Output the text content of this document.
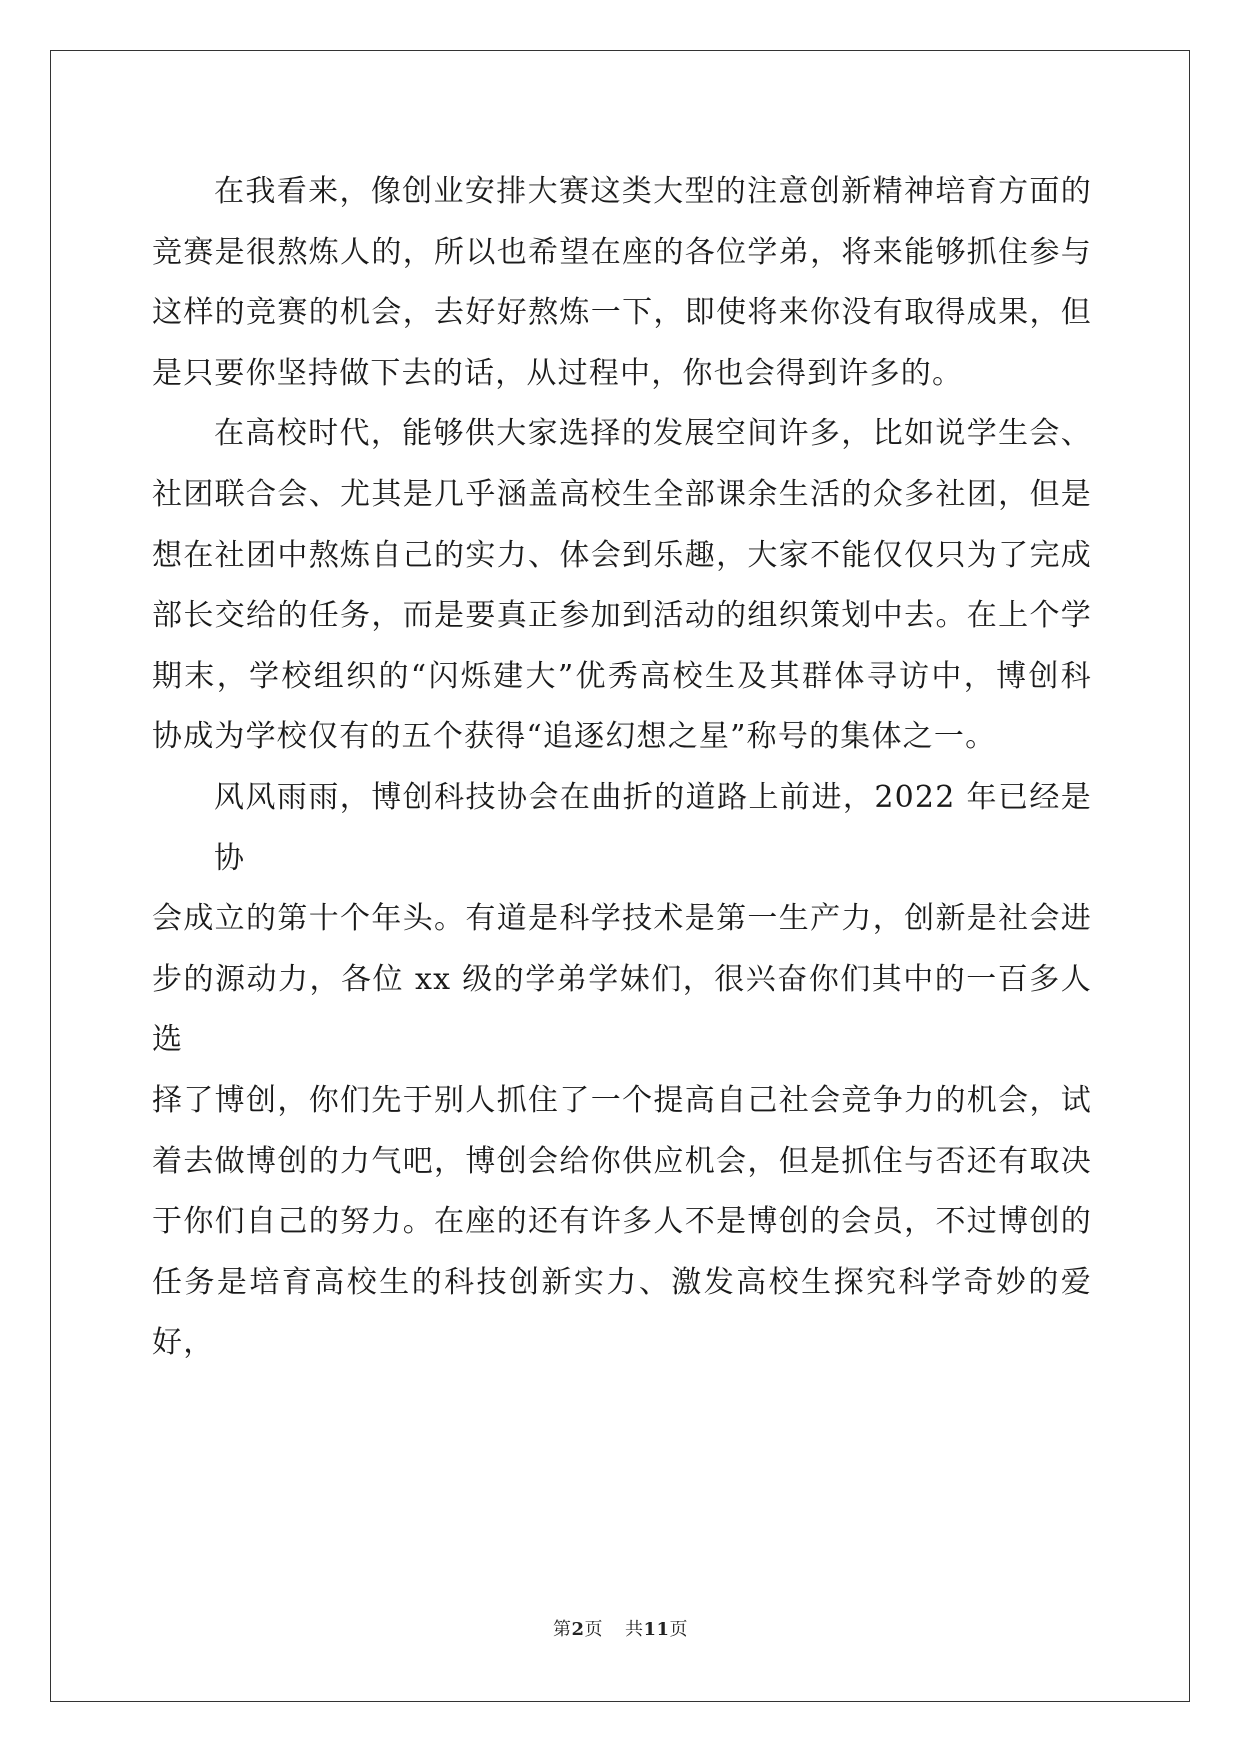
在我看来，像创业安排大赛这类大型的注意创新精神培育方面的
竞赛是很熬炼人的，所以也希望在座的各位学弟，将来能够抓住参与
这样的竞赛的机会，去好好熬炼一下，即使将来你没有取得成果，但
是只要你坚持做下去的话，从过程中，你也会得到许多的。
在高校时代，能够供大家选择的发展空间许多，比如说学生会、
社团联合会、尤其是几乎涵盖高校生全部课余生活的众多社团，但是
想在社团中熬炼自己的实力、体会到乐趣，大家不能仅仅只为了完成
部长交给的任务，而是要真正参加到活动的组织策划中去。在上个学
期末，学校组织的“闪烁建大”优秀高校生及其群体寻访中，博创科
协成为学校仅有的五个获得“追逐幻想之星”称号的集体之一。
风风雨雨，博创科技协会在曲折的道路上前进，2022 年已经是协
会成立的第十个年头。有道是科学技术是第一生产力，创新是社会进
步的源动力，各位 xx 级的学弟学妹们，很兴奋你们其中的一百多人选
择了博创，你们先于别人抓住了一个提高自己社会竞争力的机会，试
着去做博创的力气吧，博创会给你供应机会，但是抓住与否还有取决
于你们自己的努力。在座的还有许多人不是博创的会员，不过博创的
任务是培育高校生的科技创新实力、激发高校生探究科学奇妙的爱好，
第2页 共11页
